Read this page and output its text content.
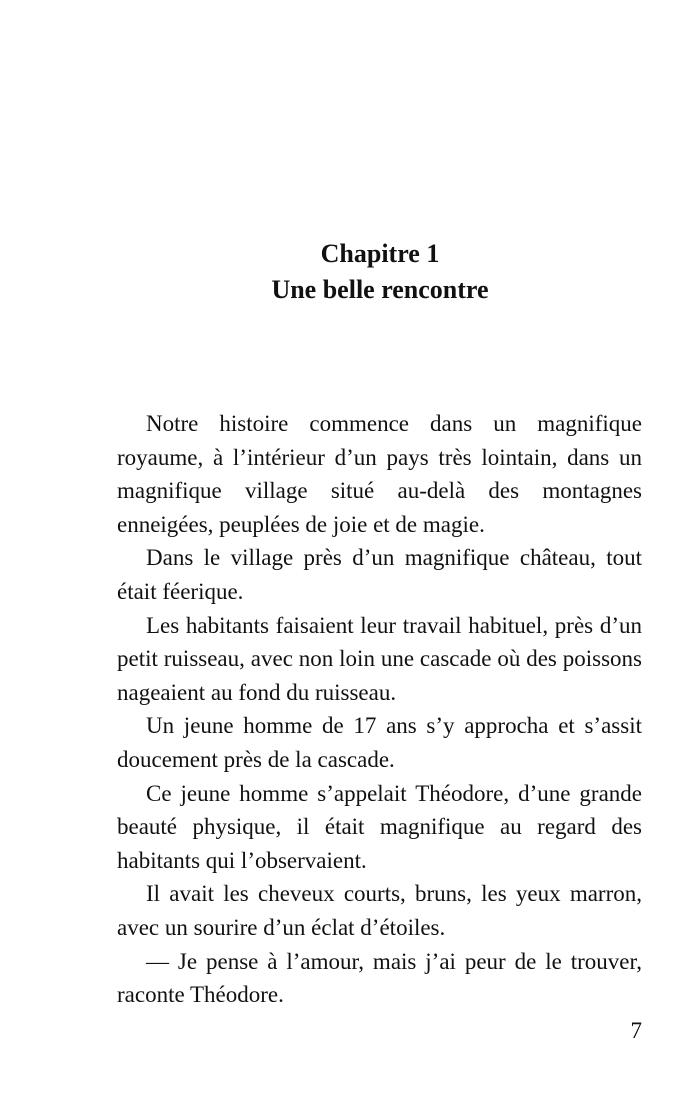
Chapitre 1
Une belle rencontre

Notre histoire commence dans un magnifique royaume, à l’intérieur d’un pays très lointain, dans un magnifique village situé au-delà des montagnes enneigées, peuplées de joie et de magie.

Dans le village près d’un magnifique château, tout était féerique.

Les habitants faisaient leur travail habituel, près d’un petit ruisseau, avec non loin une cascade où des poissons nageaient au fond du ruisseau.

Un jeune homme de 17 ans s’y approcha et s’assit doucement près de la cascade.

Ce jeune homme s’appelait Théodore, d’une grande beauté physique, il était magnifique au regard des habitants qui l’observaient.

Il avait les cheveux courts, bruns, les yeux marron, avec un sourire d’un éclat d’étoiles.

— Je pense à l’amour, mais j’ai peur de le trouver, raconte Théodore.

7
